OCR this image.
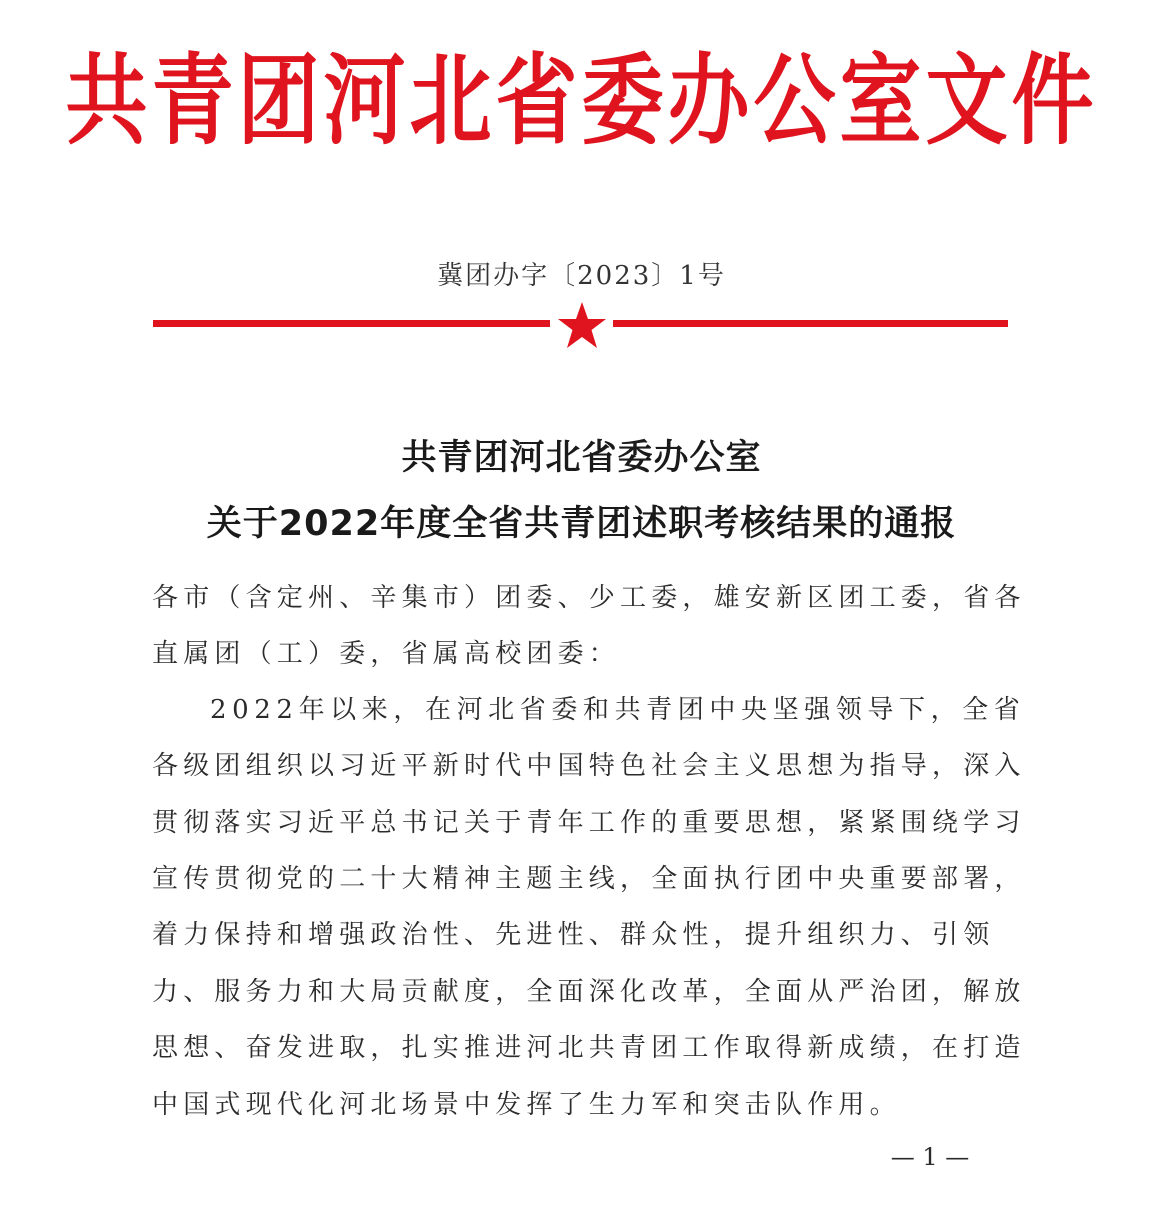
共青团河北省委办公室文件
冀团办字〔2023〕1号
共青团河北省委办公室
关于2022年度全省共青团述职考核结果的通报
各市（含定州、辛集市）团委、少工委，雄安新区团工委，省各
直属团（工）委，省属高校团委：
2022年以来，在河北省委和共青团中央坚强领导下，全省
各级团组织以习近平新时代中国特色社会主义思想为指导，深入
贯彻落实习近平总书记关于青年工作的重要思想，紧紧围绕学习
宣传贯彻党的二十大精神主题主线，全面执行团中央重要部署，
着力保持和增强政治性、先进性、群众性，提升组织力、引领
力、服务力和大局贡献度，全面深化改革，全面从严治团，解放
思想、奋发进取，扎实推进河北共青团工作取得新成绩，在打造
中国式现代化河北场景中发挥了生力军和突击队作用。
— 1 —
